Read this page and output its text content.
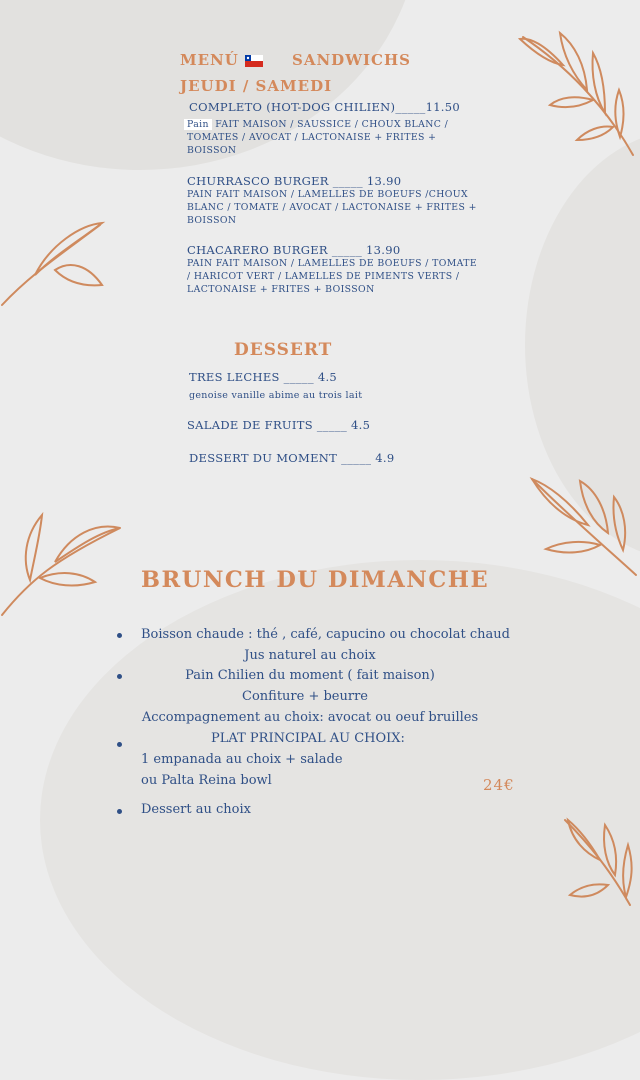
MENÚ	SANDWICHS
JEUDI / SAMEDI
COMPLETO (HOT-DOG CHILIEN)_____11.50
Pain FAIT MAISON / SAUSSICE / CHOUX BLANC /
TOMATES / AVOCAT / LACTONAISE + FRITES +
BOISSON
CHURRASCO BURGER _____ 13.90
PAIN FAIT MAISON / LAMELLES DE BOEUFS /CHOUX
BLANC / TOMATE / AVOCAT / LACTONAISE + FRITES +
BOISSON
CHACARERO BURGER _____ 13.90
PAIN FAIT MAISON / LAMELLES DE BOEUFS / TOMATE
/ HARICOT VERT / LAMELLES DE PIMENTS VERTS /
LACTONAISE + FRITES + BOISSON
DESSERT
TRES LECHES _____ 4.5
genoise vanille abime au trois lait
SALADE DE FRUITS _____ 4.5
DESSERT DU MOMENT _____ 4.9
BRUNCH DU DIMANCHE
Boisson chaude : thé , café, capucino ou chocolat chaud
Jus naturel au choix
Pain Chilien du moment ( fait maison)
Confiture + beurre
Accompagnement au choix: avocat ou oeuf bruilles
PLAT PRINCIPAL AU CHOIX:
1 empanada au choix + salade
ou Palta Reina bowl	24€
Dessert au choix
